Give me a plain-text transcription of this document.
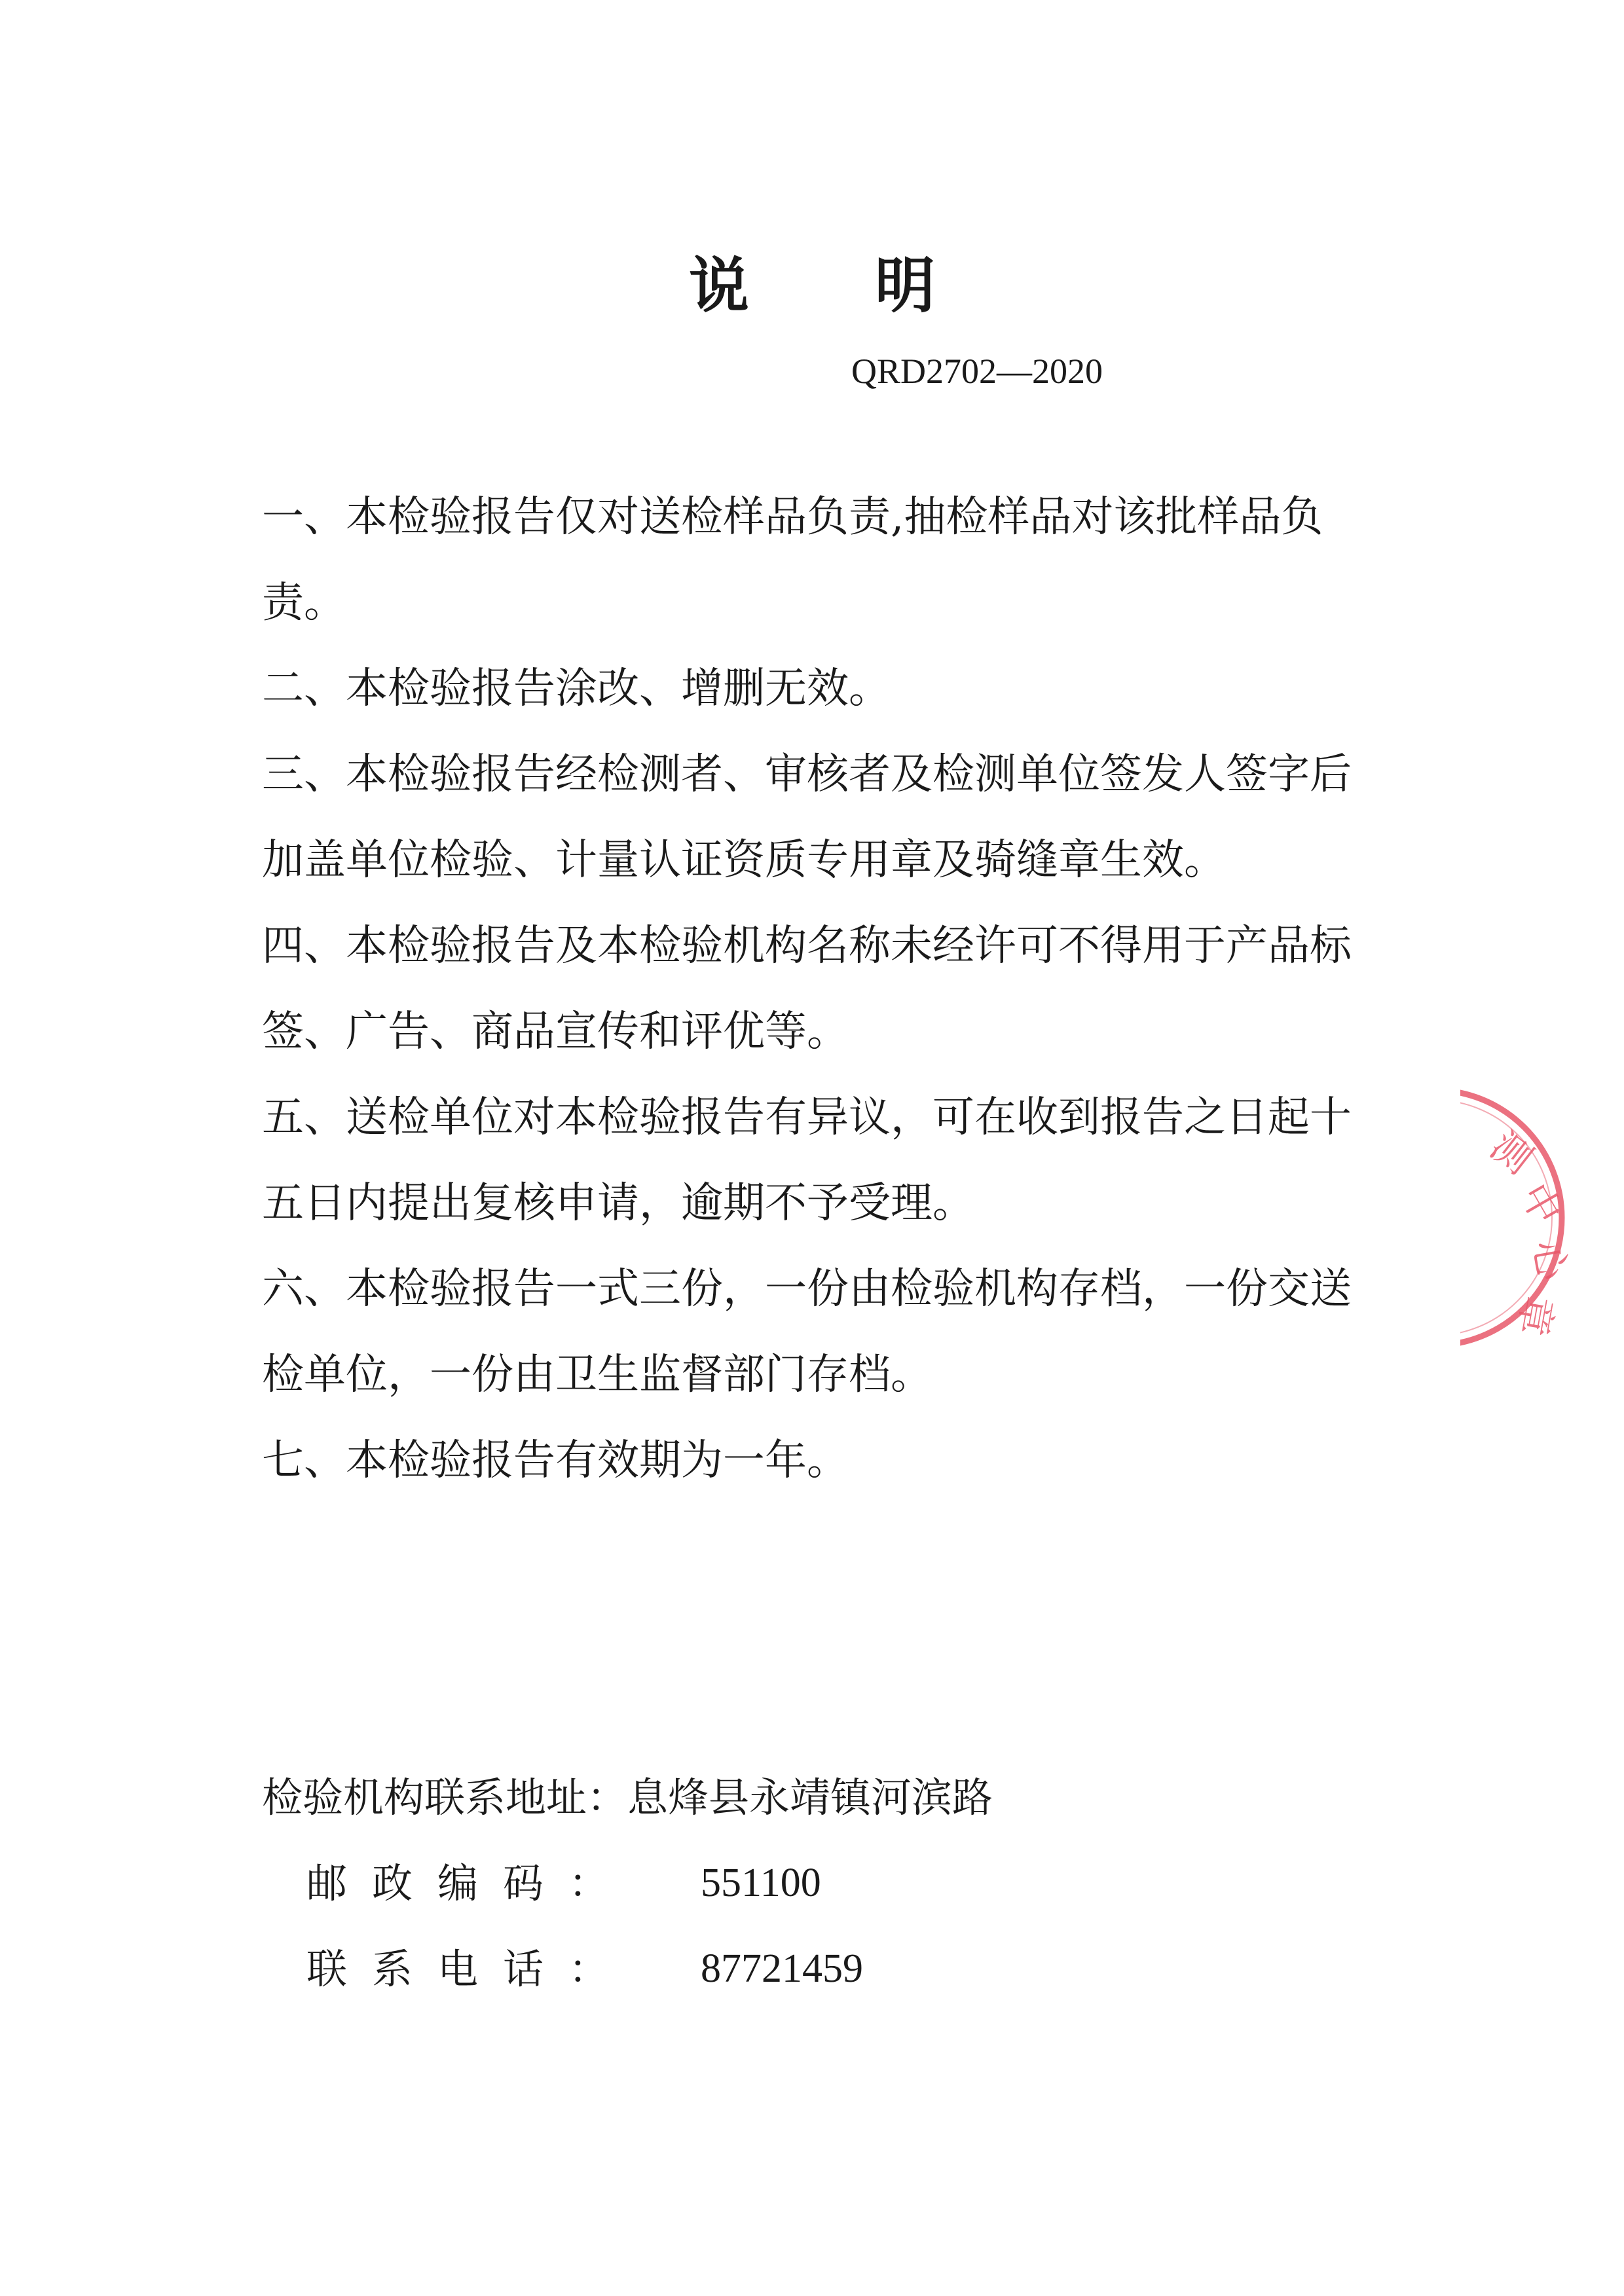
说 明
QRD2702—2020

一、本检验报告仅对送检样品负责,抽检样品对该批样品负责。

二、本检验报告涂改、增删无效。

三、本检验报告经检测者、审核者及检测单位签发人签字后加盖单位检验、计量认证资质专用章及骑缝章生效。

四、本检验报告及本检验机构名称未经许可不得用于产品标签、广告、商品宣传和评优等。

五、送检单位对本检验报告有异议，可在收到报告之日起十五日内提出复核申请，逾期不予受理。

六、本检验报告一式三份，一份由检验机构存档，一份交送检单位，一份由卫生监督部门存档。

七、本检验报告有效期为一年。

检验机构联系地址：息烽县永靖镇河滨路
邮政编码： 551100
联系电话： 87721459
测
中
心
章
